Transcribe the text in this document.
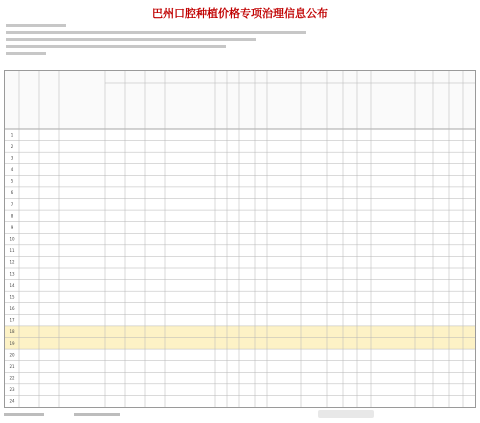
巴州口腔种植价格专项治理信息公布
1
2
3
4
5
6
7
8
9
10
11
12
13
14
15
16
17
18
19
20
21
22
23
24
